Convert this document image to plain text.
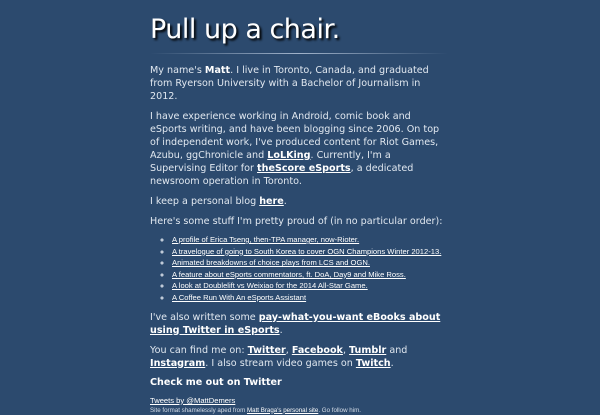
Pull up a chair.

My name's Matt. I live in Toronto, Canada, and graduated from Ryerson University with a Bachelor of Journalism in 2012.

I have experience working in Android, comic book and eSports writing, and have been blogging since 2006. On top of independent work, I've produced content for Riot Games, Azubu, ggChronicle and LoLKing. Currently, I'm a Supervising Editor for theScore eSports, a dedicated newsroom operation in Toronto.

I keep a personal blog here.

Here's some stuff I'm pretty proud of (in no particular order):

◦ A profile of Erica Tseng, then-TPA manager, now-Rioter.
◦ A travelogue of going to South Korea to cover OGN Champions Winter 2012-13.
◦ Animated breakdowns of choice plays from LCS and OGN.
◦ A feature about eSports commentators, ft. DoA, Day9 and Mike Ross.
◦ A look at Doublelift vs Weixiao for the 2014 All-Star Game.
◦ A Coffee Run With An eSports Assistant

I've also written some pay-what-you-want eBooks about using Twitter in eSports.

You can find me on: Twitter, Facebook, Tumblr and Instagram. I also stream video games on Twitch.

Check me out on Twitter
Tweets by @MattDemers

Site format shamelessly aped from Matt Braga's personal site. Go follow him.
